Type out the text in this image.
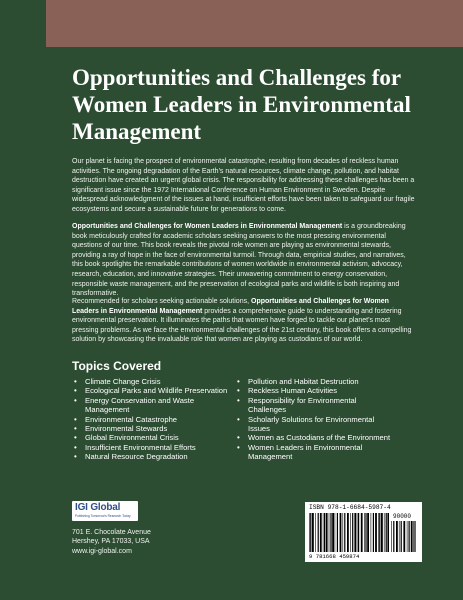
Opportunities and Challenges for Women Leaders in Environmental Management

Our planet is facing the prospect of environmental catastrophe, resulting from decades of reckless human activities. The ongoing degradation of the Earth's natural resources, climate change, pollution, and habitat destruction have created an urgent global crisis. The responsibility for addressing these challenges has been a significant issue since the 1972 International Conference on Human Environment in Sweden. Despite widespread acknowledgment of the issues at hand, insufficient efforts have been taken to safeguard our fragile ecosystems and secure a sustainable future for generations to come.

Opportunities and Challenges for Women Leaders in Environmental Management is a groundbreaking book meticulously crafted for academic scholars seeking answers to the most pressing environmental questions of our time. This book reveals the pivotal role women are playing as environmental stewards, providing a ray of hope in the face of environmental turmoil. Through data, empirical studies, and narratives, this book spotlights the remarkable contributions of women worldwide in environmental activism, advocacy, research, education, and innovative strategies. Their unwavering commitment to energy conservation, responsible waste management, and the preservation of ecological parks and wildlife is both inspiring and transformative.

Recommended for scholars seeking actionable solutions, Opportunities and Challenges for Women Leaders in Environmental Management provides a comprehensive guide to understanding and fostering environmental preservation. It illuminates the paths that women have forged to tackle our planet's most pressing problems. As we face the environmental challenges of the 21st century, this book offers a compelling solution by showcasing the invaluable role that women are playing as custodians of our world.

Topics Covered
• Climate Change Crisis
• Ecological Parks and Wildlife Preservation
• Energy Conservation and Waste Management
• Environmental Catastrophe
• Environmental Stewards
• Global Environmental Crisis
• Insufficient Environmental Efforts
• Natural Resource Degradation
• Pollution and Habitat Destruction
• Reckless Human Activities
• Responsibility for Environmental Challenges
• Scholarly Solutions for Environmental Issues
• Women as Custodians of the Environment
• Women Leaders in Environmental Management
IGI Global
Publishing Tomorrow's Research Today
701 E. Chocolate Avenue
Hershey, PA 17033, USA
www.igi-global.com
ISBN 978-1-6684-5987-4
90000
9 781668 459874
